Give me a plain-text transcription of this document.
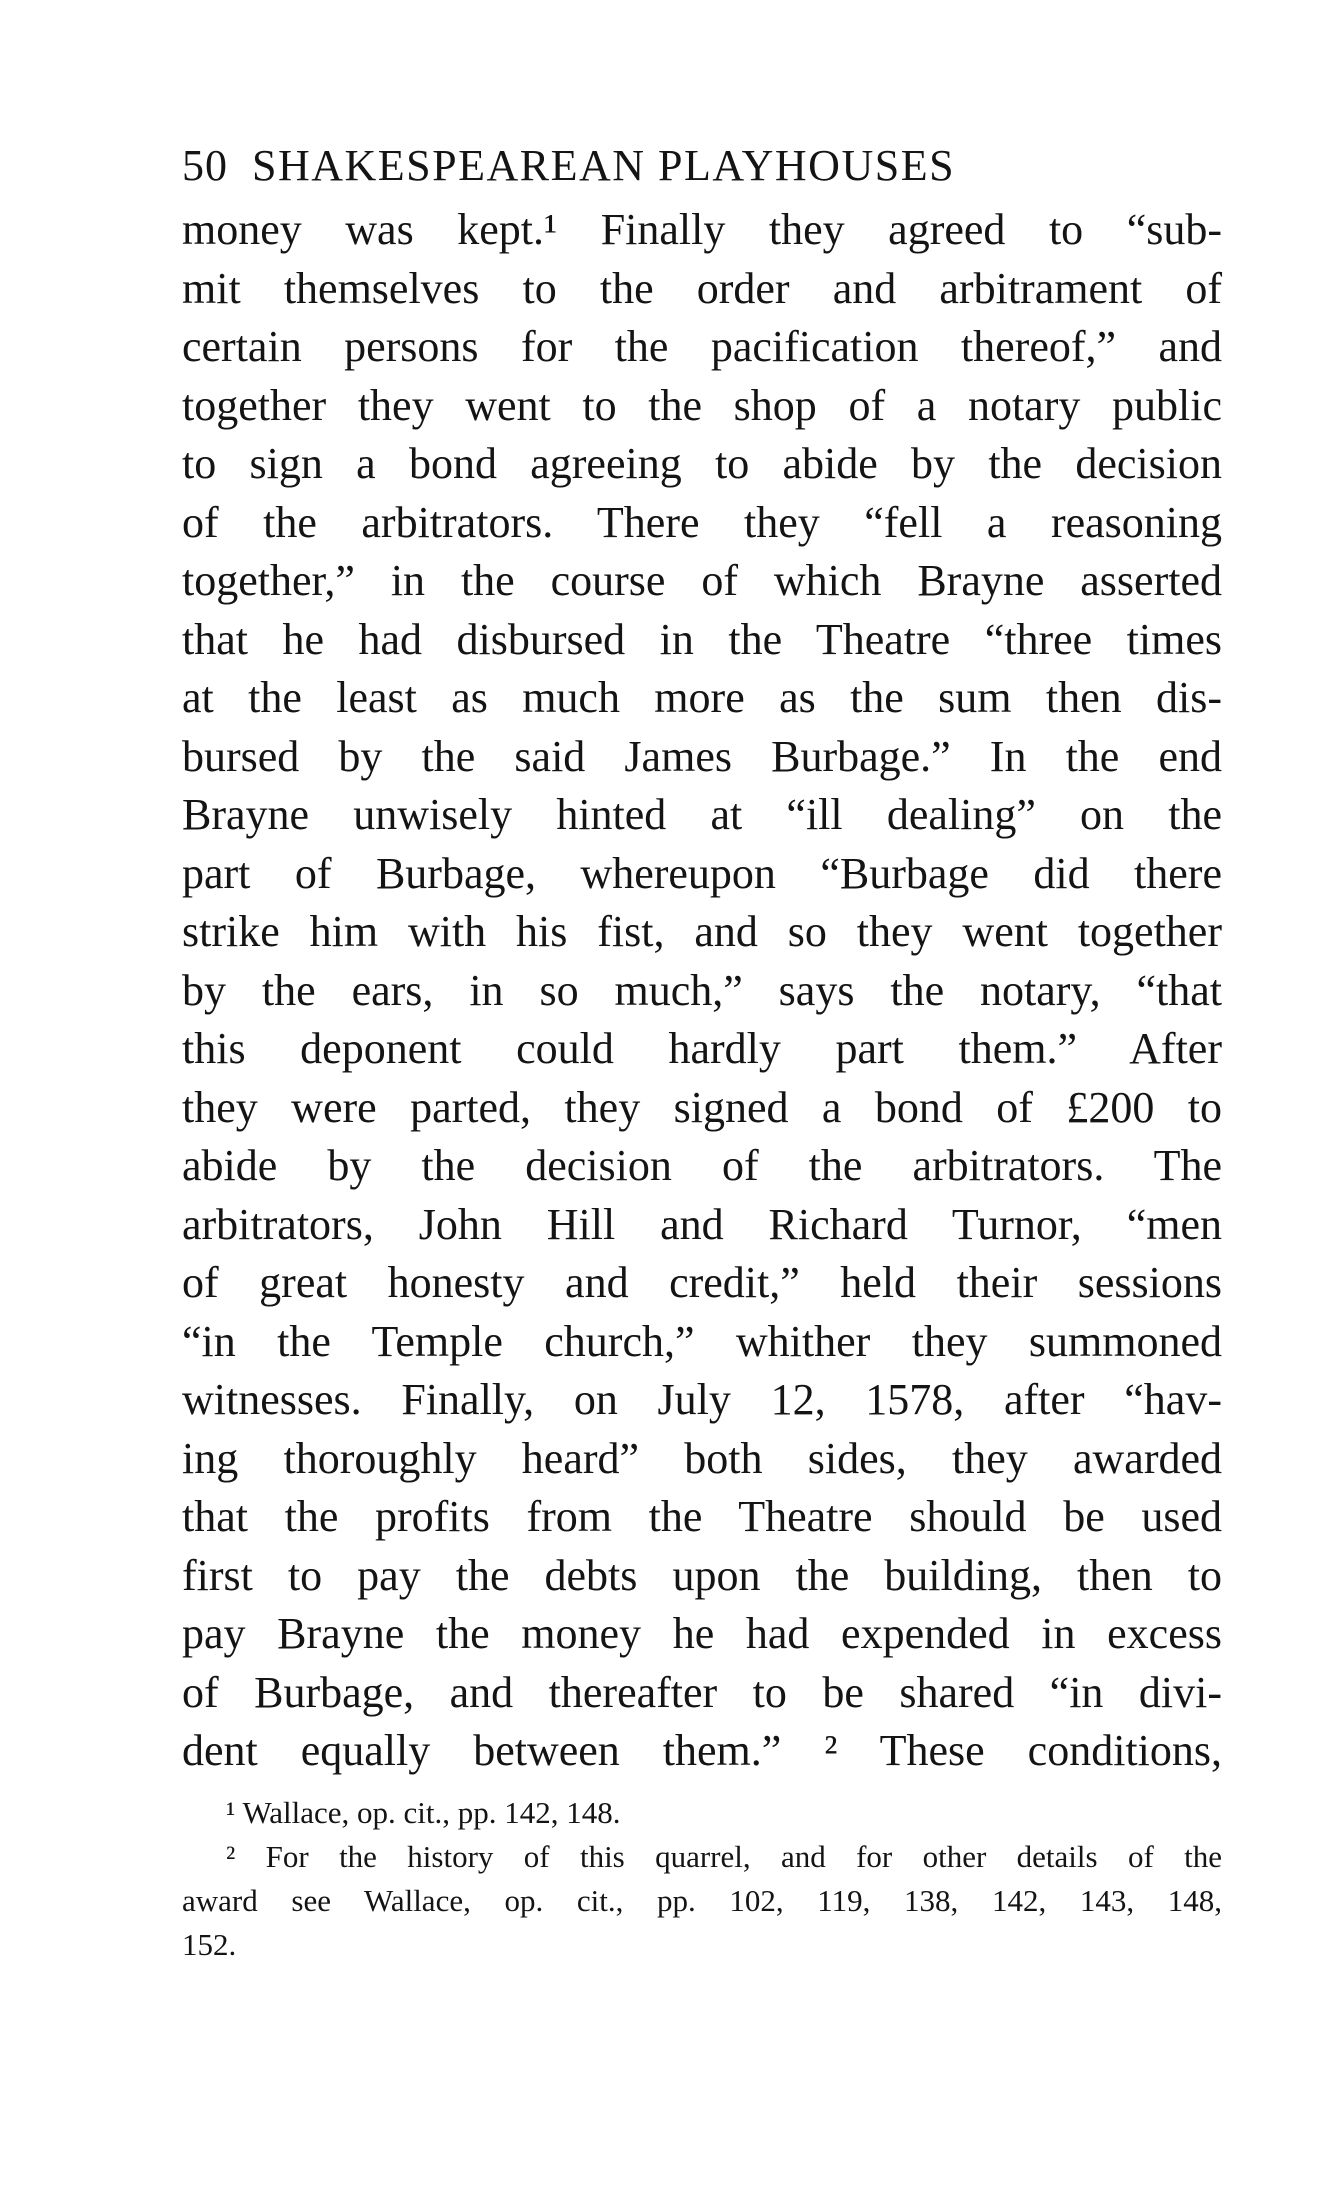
50 SHAKESPEAREAN PLAYHOUSES
money was kept.¹ Finally they agreed to “sub-
mit themselves to the order and arbitrament of
certain persons for the pacification thereof,” and
together they went to the shop of a notary public
to sign a bond agreeing to abide by the decision
of the arbitrators. There they “fell a reasoning
together,” in the course of which Brayne asserted
that he had disbursed in the Theatre “three times
at the least as much more as the sum then dis-
bursed by the said James Burbage.” In the end
Brayne unwisely hinted at “ill dealing” on the
part of Burbage, whereupon “Burbage did there
strike him with his fist, and so they went together
by the ears, in so much,” says the notary, “that
this deponent could hardly part them.” After
they were parted, they signed a bond of £200 to
abide by the decision of the arbitrators. The
arbitrators, John Hill and Richard Turnor, “men
of great honesty and credit,” held their sessions
“in the Temple church,” whither they summoned
witnesses. Finally, on July 12, 1578, after “hav-
ing thoroughly heard” both sides, they awarded
that the profits from the Theatre should be used
first to pay the debts upon the building, then to
pay Brayne the money he had expended in excess
of Burbage, and thereafter to be shared “in divi-
dent equally between them.” ² These conditions,
¹ Wallace, op. cit., pp. 142, 148.
² For the history of this quarrel, and for other details of the
award see Wallace, op. cit., pp. 102, 119, 138, 142, 143, 148,
152.
